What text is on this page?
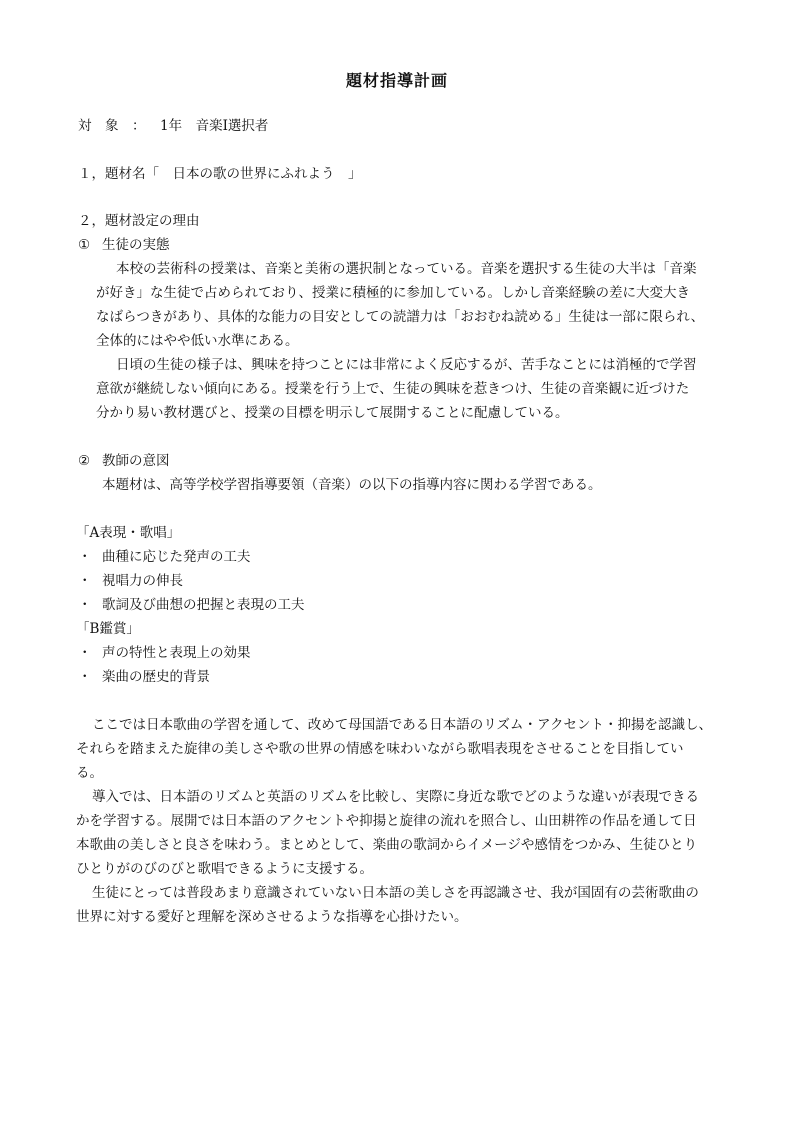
題材指導計画
対　象　： 1年　音楽Ⅰ選択者
１，題材名「　日本の歌の世界にふれよう　」
２，題材設定の理由
① 生徒の実態
本校の芸術科の授業は、音楽と美術の選択制となっている。音楽を選択する生徒の大半は「音楽
が好き」な生徒で占められており、授業に積極的に参加している。しかし音楽経験の差に大変大き
なばらつきがあり、具体的な能力の目安としての読譜力は「おおむね読める」生徒は一部に限られ、
全体的にはやや低い水準にある。
日頃の生徒の様子は、興味を持つことには非常によく反応するが、苦手なことには消極的で学習
意欲が継続しない傾向にある。授業を行う上で、生徒の興味を惹きつけ、生徒の音楽観に近づけた
分かり易い教材選びと、授業の目標を明示して展開することに配慮している。
② 教師の意図
本題材は、高等学校学習指導要領（音楽）の以下の指導内容に関わる学習である。
「A表現・歌唱」
・ 曲種に応じた発声の工夫
・ 視唱力の伸長
・ 歌詞及び曲想の把握と表現の工夫
「B鑑賞」
・ 声の特性と表現上の効果
・ 楽曲の歴史的背景
ここでは日本歌曲の学習を通して、改めて母国語である日本語のリズム・アクセント・抑揚を認識し、
それらを踏まえた旋律の美しさや歌の世界の情感を味わいながら歌唱表現をさせることを目指してい
る。
導入では、日本語のリズムと英語のリズムを比較し、実際に身近な歌でどのような違いが表現できる
かを学習する。展開では日本語のアクセントや抑揚と旋律の流れを照合し、山田耕筰の作品を通して日
本歌曲の美しさと良さを味わう。まとめとして、楽曲の歌詞からイメージや感情をつかみ、生徒ひとり
ひとりがのびのびと歌唱できるように支援する。
生徒にとっては普段あまり意識されていない日本語の美しさを再認識させ、我が国固有の芸術歌曲の
世界に対する愛好と理解を深めさせるような指導を心掛けたい。
